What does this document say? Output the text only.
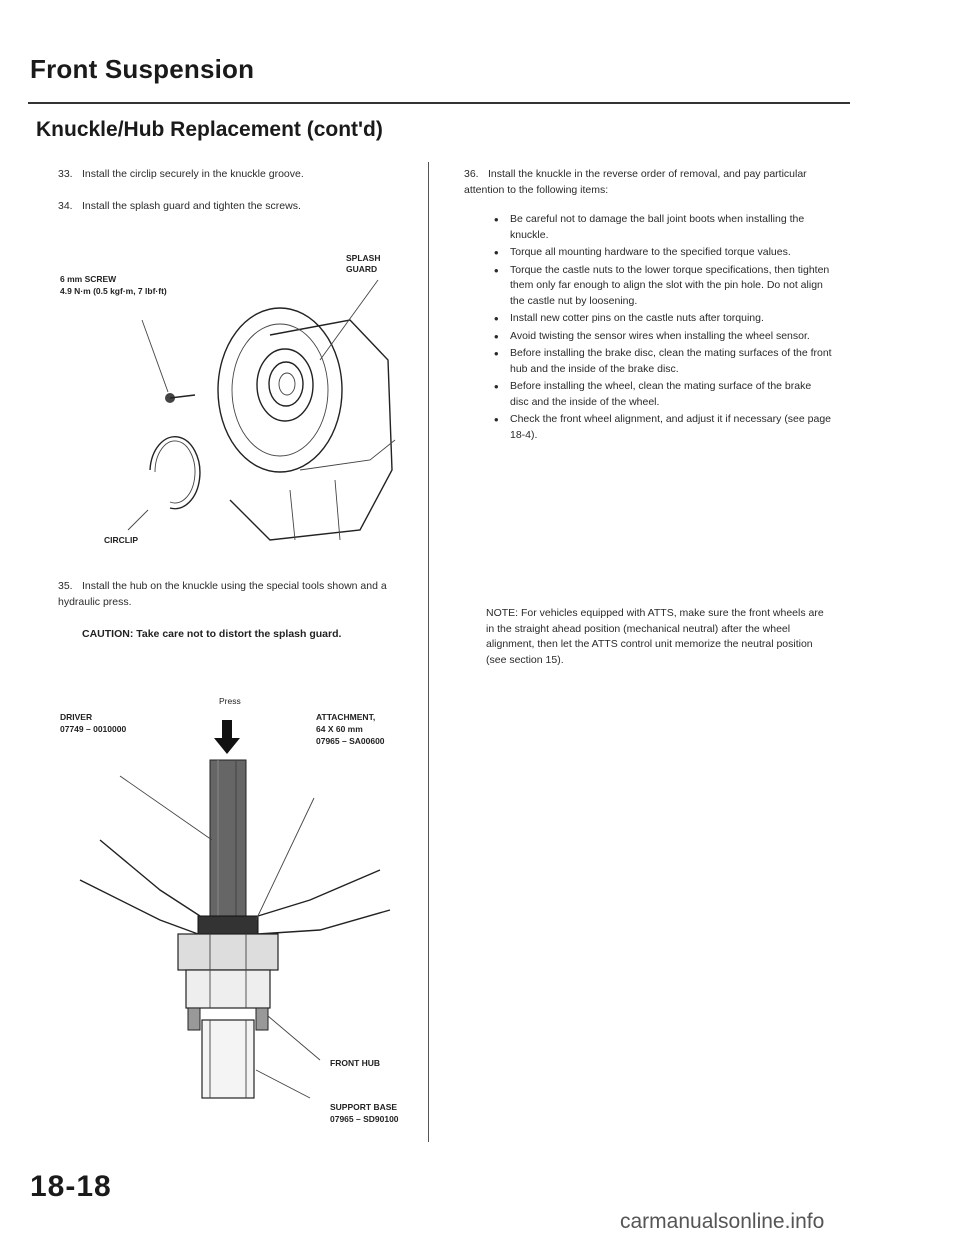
Front Suspension
Knuckle/Hub Replacement (cont'd)
33. Install the circlip securely in the knuckle groove.
34. Install the splash guard and tighten the screws.
SPLASH
GUARD
6 mm SCREW
4.9 N·m (0.5 kgf·m, 7 lbf·ft)
CIRCLIP
35. Install the hub on the knuckle using the special tools shown and a hydraulic press.
CAUTION: Take care not to distort the splash guard.
Press
DRIVER
07749 – 0010000
ATTACHMENT,
64 X 60 mm
07965 – SA00600
FRONT HUB
SUPPORT BASE
07965 – SD90100
36. Install the knuckle in the reverse order of removal, and pay particular attention to the following items:
• Be careful not to damage the ball joint boots when installing the knuckle.
• Torque all mounting hardware to the specified torque values.
• Torque the castle nuts to the lower torque specifications, then tighten them only far enough to align the slot with the pin hole. Do not align the castle nut by loosening.
• Install new cotter pins on the castle nuts after torquing.
• Avoid twisting the sensor wires when installing the wheel sensor.
• Before installing the brake disc, clean the mating surfaces of the front hub and the inside of the brake disc.
• Before installing the wheel, clean the mating surface of the brake disc and the inside of the wheel.
• Check the front wheel alignment, and adjust it if necessary (see page 18-4).
NOTE: For vehicles equipped with ATTS, make sure the front wheels are in the straight ahead position (mechanical neutral) after the wheel alignment, then let the ATTS control unit memorize the neutral position (see section 15).
18-18
carmanualsonline.info
